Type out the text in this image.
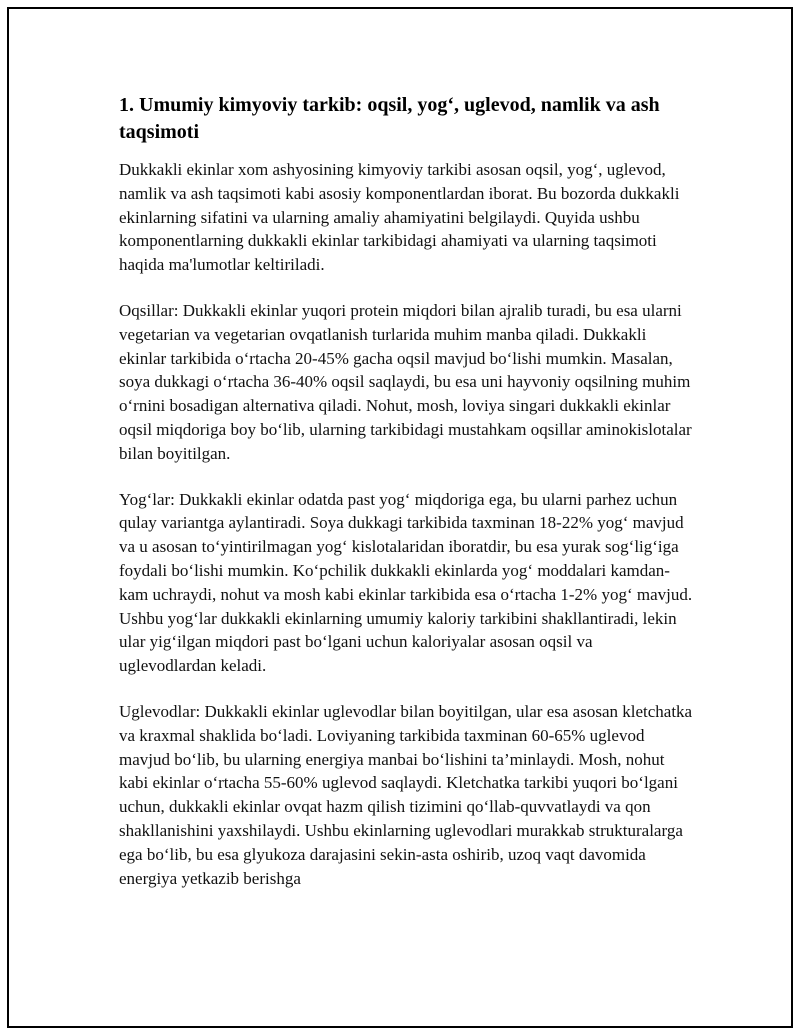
1. Umumiy kimyoviy tarkib: oqsil, yog‘, uglevod, namlik va ash taqsimoti

Dukkakli ekinlar xom ashyosining kimyoviy tarkibi asosan oqsil, yog‘, uglevod, namlik va ash taqsimoti kabi asosiy komponentlardan iborat. Bu bozorda dukkakli ekinlarning sifatini va ularning amaliy ahamiyatini belgilaydi. Quyida ushbu komponentlarning dukkakli ekinlar tarkibidagi ahamiyati va ularning taqsimoti haqida ma'lumotlar keltiriladi.

Oqsillar: Dukkakli ekinlar yuqori protein miqdori bilan ajralib turadi, bu esa ularni vegetarian va vegetarian ovqatlanish turlarida muhim manba qiladi. Dukkakli ekinlar tarkibida o‘rtacha 20-45% gacha oqsil mavjud bo‘lishi mumkin. Masalan, soya dukkagi o‘rtacha 36-40% oqsil saqlaydi, bu esa uni hayvoniy oqsilning muhim o‘rnini bosadigan alternativa qiladi. Nohut, mosh, loviya singari dukkakli ekinlar oqsil miqdoriga boy bo‘lib, ularning tarkibidagi mustahkam oqsillar aminokislotalar bilan boyitilgan.

Yog‘lar: Dukkakli ekinlar odatda past yog‘ miqdoriga ega, bu ularni parhez uchun qulay variantga aylantiradi. Soya dukkagi tarkibida taxminan 18-22% yog‘ mavjud va u asosan to‘yintirilmagan yog‘ kislotalaridan iboratdir, bu esa yurak sog‘lig‘iga foydali bo‘lishi mumkin. Ko‘pchilik dukkakli ekinlarda yog‘ moddalari kamdan-kam uchraydi, nohut va mosh kabi ekinlar tarkibida esa o‘rtacha 1-2% yog‘ mavjud. Ushbu yog‘lar dukkakli ekinlarning umumiy kaloriy tarkibini shakllantiradi, lekin ular yig‘ilgan miqdori past bo‘lgani uchun kaloriyalar asosan oqsil va uglevodlardan keladi.

Uglevodlar: Dukkakli ekinlar uglevodlar bilan boyitilgan, ular esa asosan kletchatka va kraxmal shaklida bo‘ladi. Loviyaning tarkibida taxminan 60-65% uglevod mavjud bo‘lib, bu ularning energiya manbai bo‘lishini ta’minlaydi. Mosh, nohut kabi ekinlar o‘rtacha 55-60% uglevod saqlaydi. Kletchatka tarkibi yuqori bo‘lgani uchun, dukkakli ekinlar ovqat hazm qilish tizimini qo‘llab-quvvatlaydi va qon shakllanishini yaxshilaydi. Ushbu ekinlarning uglevodlari murakkab strukturalarga ega bo‘lib, bu esa glyukoza darajasini sekin-asta oshirib, uzoq vaqt davomida energiya yetkazib berishga
